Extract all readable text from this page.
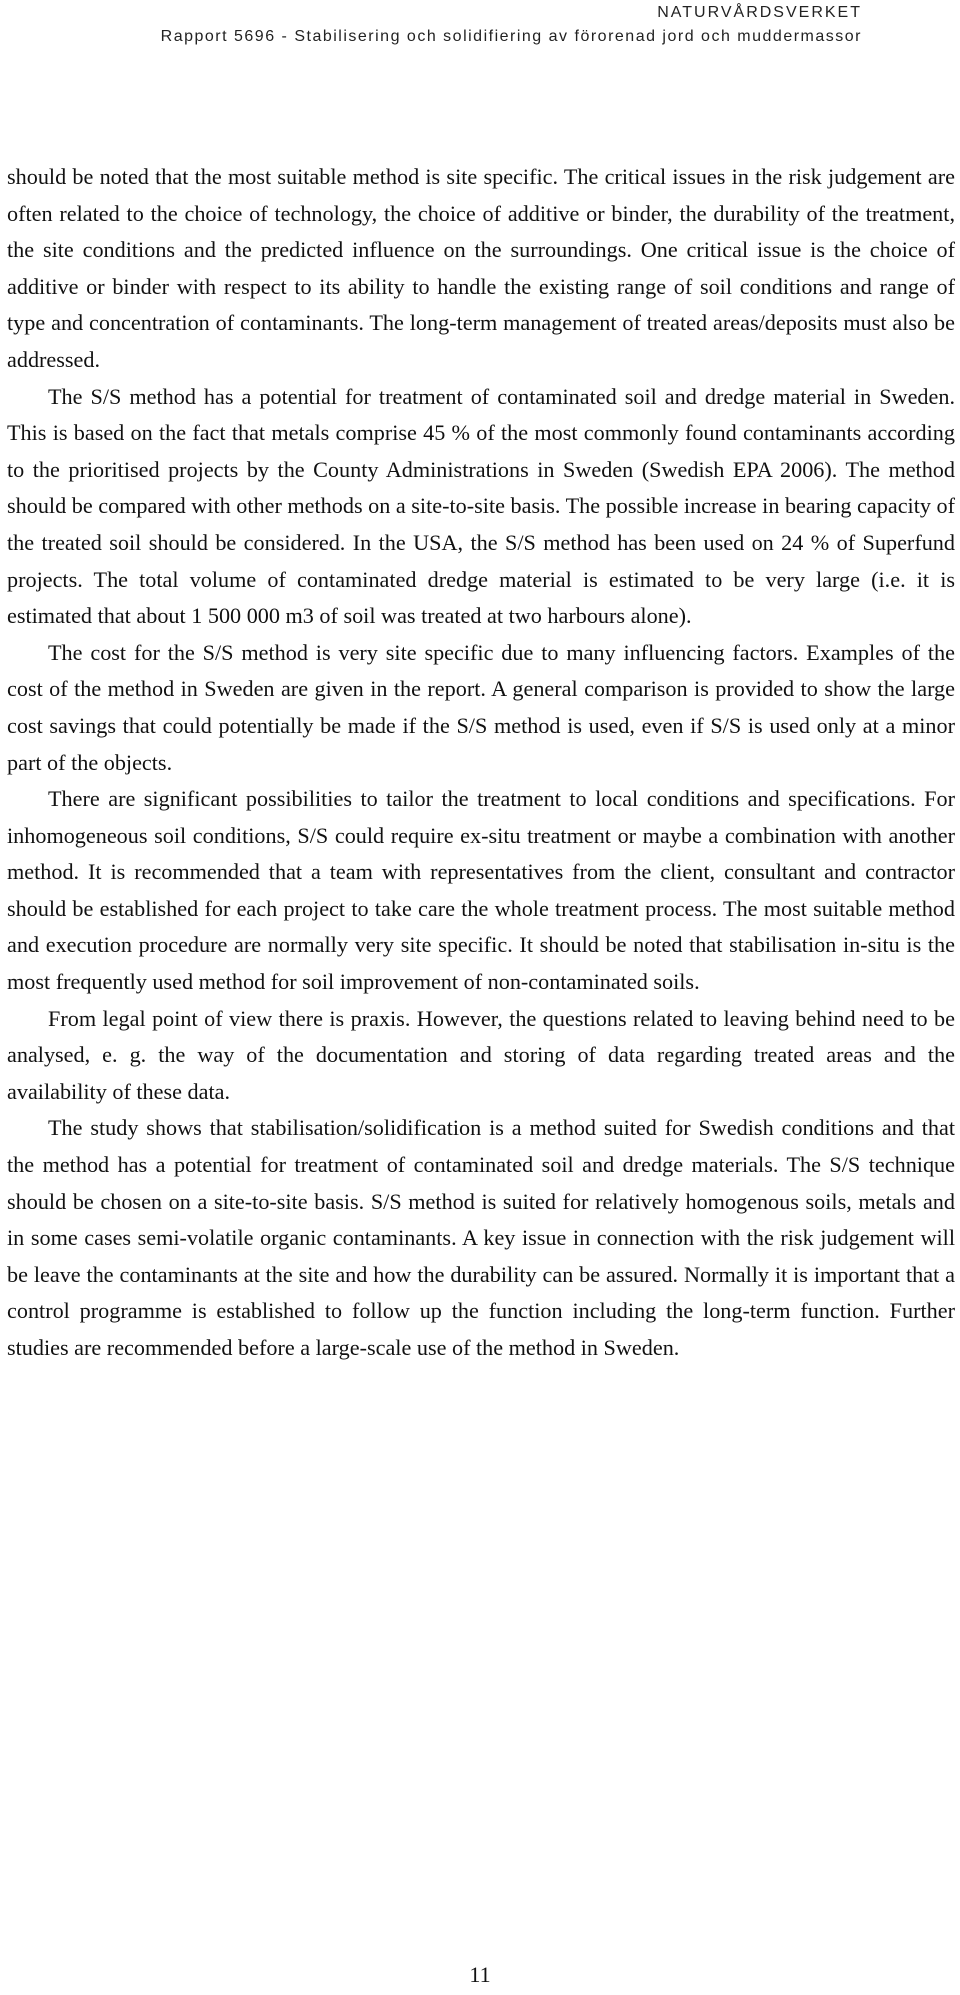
NATURVÅRDSVERKET
Rapport 5696 - Stabilisering och solidifiering av förorenad jord och muddermassor

should be noted that the most suitable method is site specific. The critical issues in the risk judgement are often related to the choice of technology, the choice of additive or binder, the durability of the treatment, the site conditions and the predicted influence on the surroundings. One critical issue is the choice of additive or binder with respect to its ability to handle the existing range of soil conditions and range of type and concentration of contaminants. The long-term management of treated areas/deposits must also be addressed.

The S/S method has a potential for treatment of contaminated soil and dredge material in Sweden. This is based on the fact that metals comprise 45 % of the most commonly found contaminants according to the prioritised projects by the County Administrations in Sweden (Swedish EPA 2006). The method should be compared with other methods on a site-to-site basis. The possible increase in bearing capacity of the treated soil should be considered. In the USA, the S/S method has been used on 24 % of Superfund projects. The total volume of contaminated dredge material is estimated to be very large (i.e. it is estimated that about 1 500 000 m3 of soil was treated at two harbours alone).

The cost for the S/S method is very site specific due to many influencing factors. Examples of the cost of the method in Sweden are given in the report. A general comparison is provided to show the large cost savings that could potentially be made if the S/S method is used, even if S/S is used only at a minor part of the objects.

There are significant possibilities to tailor the treatment to local conditions and specifications. For inhomogeneous soil conditions, S/S could require ex-situ treatment or maybe a combination with another method. It is recommended that a team with representatives from the client, consultant and contractor should be established for each project to take care the whole treatment process. The most suitable method and execution procedure are normally very site specific. It should be noted that stabilisation in-situ is the most frequently used method for soil improvement of non-contaminated soils.

From legal point of view there is praxis. However, the questions related to leaving behind need to be analysed, e. g. the way of the documentation and storing of data regarding treated areas and the availability of these data.

The study shows that stabilisation/solidification is a method suited for Swedish conditions and that the method has a potential for treatment of contaminated soil and dredge materials. The S/S technique should be chosen on a site-to-site basis. S/S method is suited for relatively homogenous soils, metals and in some cases semi-volatile organic contaminants. A key issue in connection with the risk judgement will be leave the contaminants at the site and how the durability can be assured. Normally it is important that a control programme is established to follow up the function including the long-term function. Further studies are recommended before a large-scale use of the method in Sweden.

11
